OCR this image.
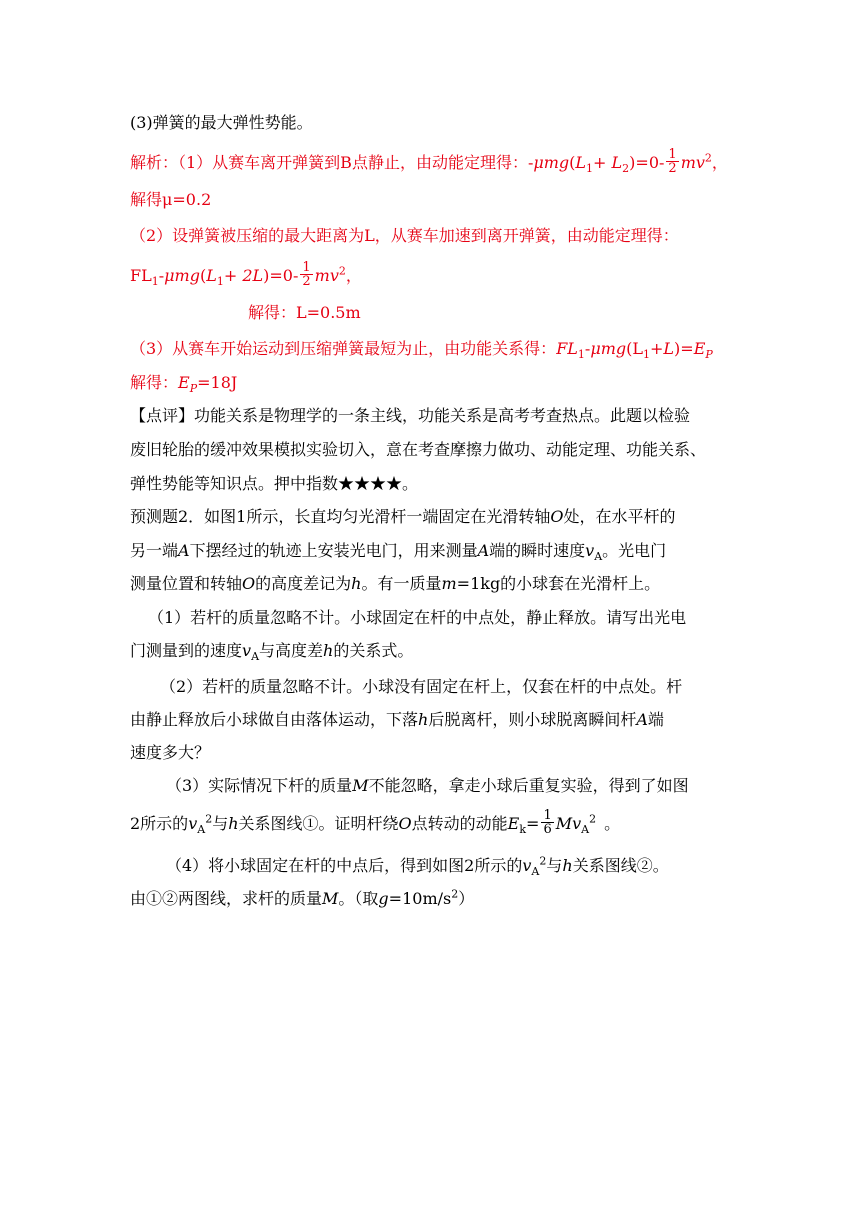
(3)弹簧的最大弹性势能。
解析：（1）从赛车离开弹簧到B点静止，由动能定理得：$-\mu mg(L_1+ L_2)=0- \frac{1}{2} mv^2$，
解得μ=0.2
（2）设弹簧被压缩的最大距离为L，从赛车加速到离开弹簧，由动能定理得：
$FL_1-\mu mg(L_1+ 2L)=0- \frac{1}{2} mv^2$，
解得：L=0.5m
（3）从赛车开始运动到压缩弹簧最短为止，由功能关系得：$FL_1-\mu mg(L_1+L)=E_P$
解得：$E_P=18J$
【点评】功能关系是物理学的一条主线，功能关系是高考考查热点。此题以检验
废旧轮胎的缓冲效果模拟实验切入，意在考查摩擦力做功、动能定理、功能关系、
弹性势能等知识点。押中指数★★★★。
预测题2．如图1所示，长直均匀光滑杆一端固定在光滑转轴O处，在水平杆的
另一端A下摆经过的轨迹上安装光电门，用来测量A端的瞬时速度$v_A$。光电门
测量位置和转轴O的高度差记为h。有一质量m=1kg的小球套在光滑杆上。
（1）若杆的质量忽略不计。小球固定在杆的中点处，静止释放。请写出光电
门测量到的速度$v_A$与高度差h的关系式。
（2）若杆的质量忽略不计。小球没有固定在杆上，仅套在杆的中点处。杆
由静止释放后小球做自由落体运动，下落h后脱离杆，则小球脱离瞬间杆A端
速度多大？
（3）实际情况下杆的质量M不能忽略，拿走小球后重复实验，得到了如图
2所示的$v_A^2$与h关系图线①。证明杆绕O点转动的动能$E_k= \frac{1}{6} Mv_A^2$ 。
（4）将小球固定在杆的中点后，得到如图2所示的$v_A^2$与h关系图线②。
由①②两图线，求杆的质量M。（取$g=10m/s^2$）
